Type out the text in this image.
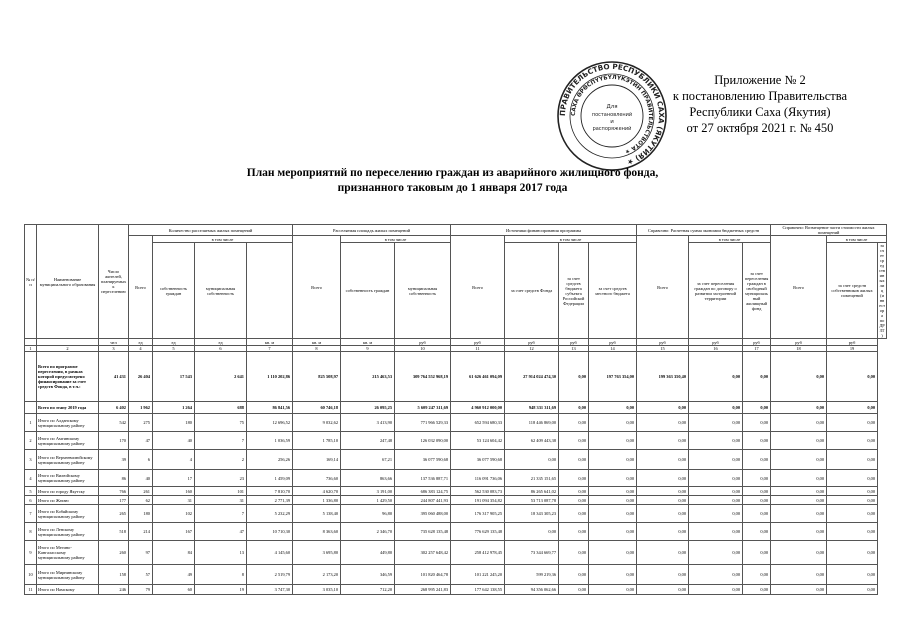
ПРАВИТЕЛЬСТВО РЕСПУБЛИКИ САХА (ЯКУТИЯ) ★
САХА ӨРӨСПҮҮБҮЛҮКЭТИН ПРАВИТЕЛЬСТВОТА ★
Для
постановлений
и
распоряжений
Приложение № 2
к постановлению Правительства
Республики Саха (Якутия)
от 27 октября 2021 г. № 450
План мероприятий по переселению граждан из аварийного жилищного фонда,
признанного таковым до 1 января 2017 года
№ п/п	Наименование муниципального образования	Число жителей, планируемых к переселению	Количество расселяемых жилых помещений				Расселяемая площадь жилых помещений			Источники финансирования программы				Справочно: Расчетная сумма экономии бюджетных средств			Справочно: Возмещение части стоимости жилых помещений		
			Всего	в том числе			Всего	в том числе		Всего	в том числе			Всего	в том числе		Всего	в том числе	
				собственность граждан	муниципальная собственность			собственность граждан	муниципальная собственность		за счет средств Фонда	за счет средств бюджета субъекта Российской Федерации	за счет средств местного бюджета		за счет переселения граждан по договору о развитии застроенной территории	за счет переселения граждан в свободный муниципальный жилищный фонд		за счет средств собственников жилых помещений	за счет средств иных лиц (инвестора по ДРЗТ)
		чел	ед	ед	ед	кв. м	кв. м	кв. м	руб	руб	руб	руб	руб	руб	руб	руб	руб	руб	
1	2	3	4	5	6	7	8	9	10	11	12	13	14	15	16	17	18	19	
	Всего по программе переселения, в рамках которой предусмотрено финансирование за счет средств Фонда, в т.ч.:	41 431	26 404	17 543	2 641	1 110 202,86	825 508,97	215 463,53	309 764 552 968,19	61 626 461 094,09	27 914 024 474,30	0,00	197 763 354,00	199 363 350,40	0,00	0,00	0,00	0,00	
	Всего по этапу 2019 года	6 402	1 962	1 264	688	86 841,56	60 746,18	26 095,25	5 609 247 311,69	4 960 912 000,00	948 331 311,69	0,00	0,00	0,00	0,00	0,00	0,00	0,00	
1	Итого по Алданскому муниципальному району	542	275	180	75	12 696,52	9 032,62	3 413,90	771 966 529,33	652 594 680,33	118 446 869,00	0,00	0,00	0,00	0,00	0,00	0,00	0,00	
2	Итого по Амгинскому муниципальному району	170	47	40	7	1 036,59	1 785,10	247,48	126 032 090,00	53 124 604,42	62 409 443,38	0,00	0,00	0,00	0,00	0,00	0,00	0,00	
3	Итого по Верхневилюйскому муниципальному району	39	6	4	2	256,26	169,14	67,21	36 077 590,68	36 077 590,68	0,00	0,00	0,00	0,00	0,00	0,00	0,00	0,00	
4	Итого по Вилюйскому муниципальному району	86	40	17	23	1 459,09	736,60	863,66	137 536 887,71	116 091 736,06	21 335 151,65	0,00	0,00	0,00	0,00	0,00	0,00	0,00	
5	Итого по городу Якутску	766	261	160	101	7 810,70	4 620,70	3 191,00	686 383 124,75	562 530 083,73	86 265 641,02	0,00	0,00	0,00	0,00	0,00	0,00	0,00	
6	Итого по Жатаю	177	62	31	31	2 771,39	1 336,80	1 429,50	244 807 441,93	191 094 354,82	53 713 087,78	0,00	0,00	0,00	0,00	0,00	0,00	0,00	
7	Итого по Кобяйскому муниципальному району	265	180	102	7	5 232,29	5 138,40	96,80	395 060 488,00	176 317 905,25	18 343 305,23	0,00	0,00	0,00	0,00	0,00	0,00	0,00	
8	Итого по Ленскому муниципальному району	518	214	167	47	10 710,30	8 363,60	2 346,70	735 628 135,48	776 629 135,48	0,00	0,00	0,00	0,00	0,00	0,00	0,00	0,00	
9	Итого по Мегино-Кангаласскому муниципальному району	260	97	84	13	4 145,60	3 695,80	449,80	302 257 648,42	258 412 978,45	73 344 669,77	0,00	0,00	0,00	0,00	0,00	0,00	0,00	
10	Итого по Мирнинскому муниципальному району	158	57	49	8	2 519,79	2 173,20	346,59	101 820 464,78	101 221 245,20	599 219,36	0,00	0,00	0,00	0,00	0,00	0,00	0,00	
11	Итого по Намскому	246	79	60	19	3 747,30	3 035,10	712,20	268 995 241,83	177 642 138,55	94 356 062,66	0,00	0,00	0,00	0,00	0,00	0,00	0,00	
